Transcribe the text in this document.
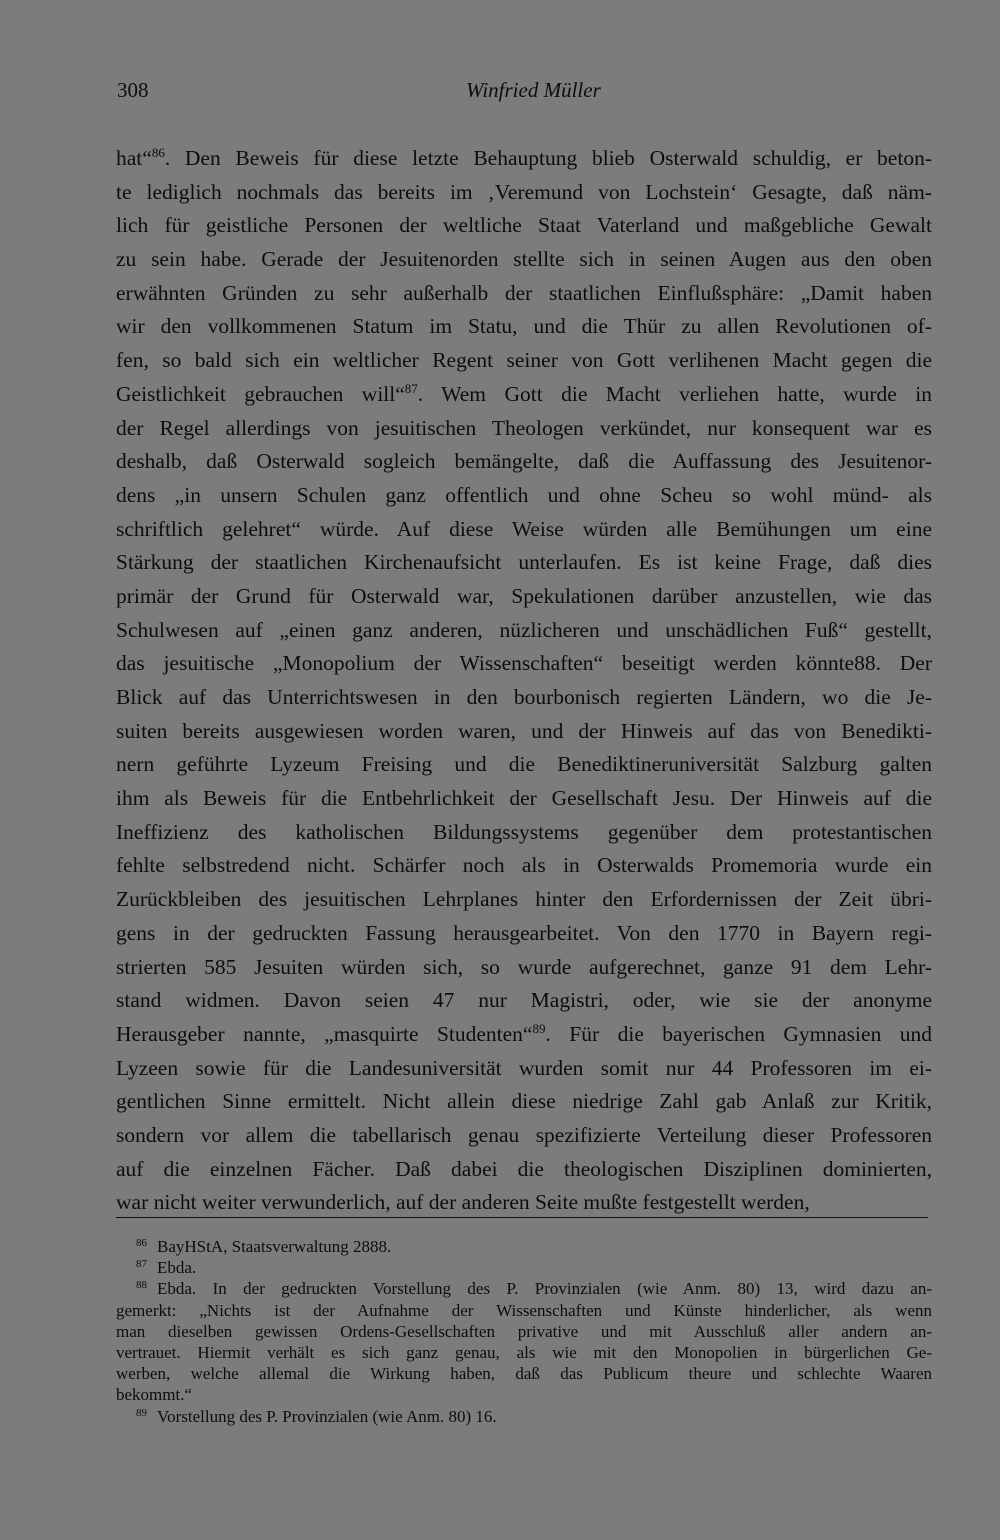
308	Winfried Müller
hat“$^{86}$. Den Beweis für diese letzte Behauptung blieb Osterwald schuldig, er beton-
te lediglich nochmals das bereits im ‚Veremund von Lochstein‘ Gesagte, daß näm-
lich für geistliche Personen der weltliche Staat Vaterland und maßgebliche Gewalt
zu sein habe. Gerade der Jesuitenorden stellte sich in seinen Augen aus den oben
erwähnten Gründen zu sehr außerhalb der staatlichen Einflußsphäre: „Damit haben
wir den vollkommenen Statum im Statu, und die Thür zu allen Revolutionen of-
fen, so bald sich ein weltlicher Regent seiner von Gott verlihenen Macht gegen die
Geistlichkeit gebrauchen will“$^{87}$. Wem Gott die Macht verliehen hatte, wurde in
der Regel allerdings von jesuitischen Theologen verkündet, nur konsequent war es
deshalb, daß Osterwald sogleich bemängelte, daß die Auffassung des Jesuitenor-
dens „in unsern Schulen ganz offentlich und ohne Scheu so wohl münd- als
schriftlich gelehret“ würde. Auf diese Weise würden alle Bemühungen um eine
Stärkung der staatlichen Kirchenaufsicht unterlaufen. Es ist keine Frage, daß dies
primär der Grund für Osterwald war, Spekulationen darüber anzustellen, wie das
Schulwesen auf „einen ganz anderen, nüzlicheren und unschädlichen Fuß“ gestellt,
das jesuitische „Monopolium der Wissenschaften“ beseitigt werden könnte88. Der
Blick auf das Unterrichtswesen in den bourbonisch regierten Ländern, wo die Je-
suiten bereits ausgewiesen worden waren, und der Hinweis auf das von Benedikti-
nern geführte Lyzeum Freising und die Benediktineruniversität Salzburg galten
ihm als Beweis für die Entbehrlichkeit der Gesellschaft Jesu. Der Hinweis auf die
Ineffizienz des katholischen Bildungssystems gegenüber dem protestantischen
fehlte selbstredend nicht. Schärfer noch als in Osterwalds Promemoria wurde ein
Zurückbleiben des jesuitischen Lehrplanes hinter den Erfordernissen der Zeit übri-
gens in der gedruckten Fassung herausgearbeitet. Von den 1770 in Bayern regi-
strierten 585 Jesuiten würden sich, so wurde aufgerechnet, ganze 91 dem Lehr-
stand widmen. Davon seien 47 nur Magistri, oder, wie sie der anonyme
Herausgeber nannte, „masquirte Studenten“$^{89}$. Für die bayerischen Gymnasien und
Lyzeen sowie für die Landesuniversität wurden somit nur 44 Professoren im ei-
gentlichen Sinne ermittelt. Nicht allein diese niedrige Zahl gab Anlaß zur Kritik,
sondern vor allem die tabellarisch genau spezifizierte Verteilung dieser Professoren
auf die einzelnen Fächer. Daß dabei die theologischen Disziplinen dominierten,
war nicht weiter verwunderlich, auf der anderen Seite mußte festgestellt werden,
86 BayHStA, Staatsverwaltung 2888.
87 Ebda.
88 Ebda. In der gedruckten Vorstellung des P. Provinzialen (wie Anm. 80) 13, wird dazu an-
gemerkt: „Nichts ist der Aufnahme der Wissenschaften und Künste hinderlicher, als wenn
man dieselben gewissen Ordens-Gesellschaften privative und mit Ausschluß aller andern an-
vertrauet. Hiermit verhält es sich ganz genau, als wie mit den Monopolien in bürgerlichen Ge-
werben, welche allemal die Wirkung haben, daß das Publicum theure und schlechte Waaren
bekommt.“
89 Vorstellung des P. Provinzialen (wie Anm. 80) 16.
